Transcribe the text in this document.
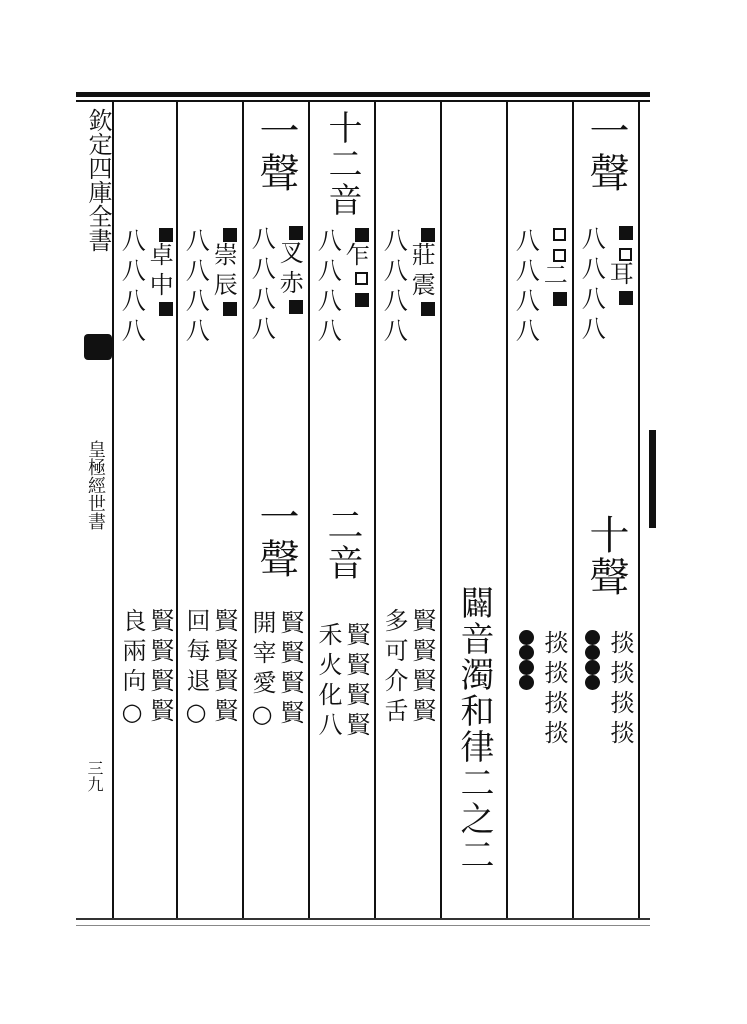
欽定四庫全書
皇極經世書
三九
一聲
耳
八八八八
十聲
掞掞掞掞
二
八八八八
掞掞掞掞
闢音濁和律二之二
莊震
八八八八
賢賢賢賢
多可介舌
十二音
乍
八八八八
二音
賢賢賢賢
禾火化八
一聲
叉赤
八八八八
一聲
賢賢賢賢
開宰愛○
崇辰
八八八八
賢賢賢賢
回每退○
卓中
八八八八
賢賢賢賢
良兩向○
